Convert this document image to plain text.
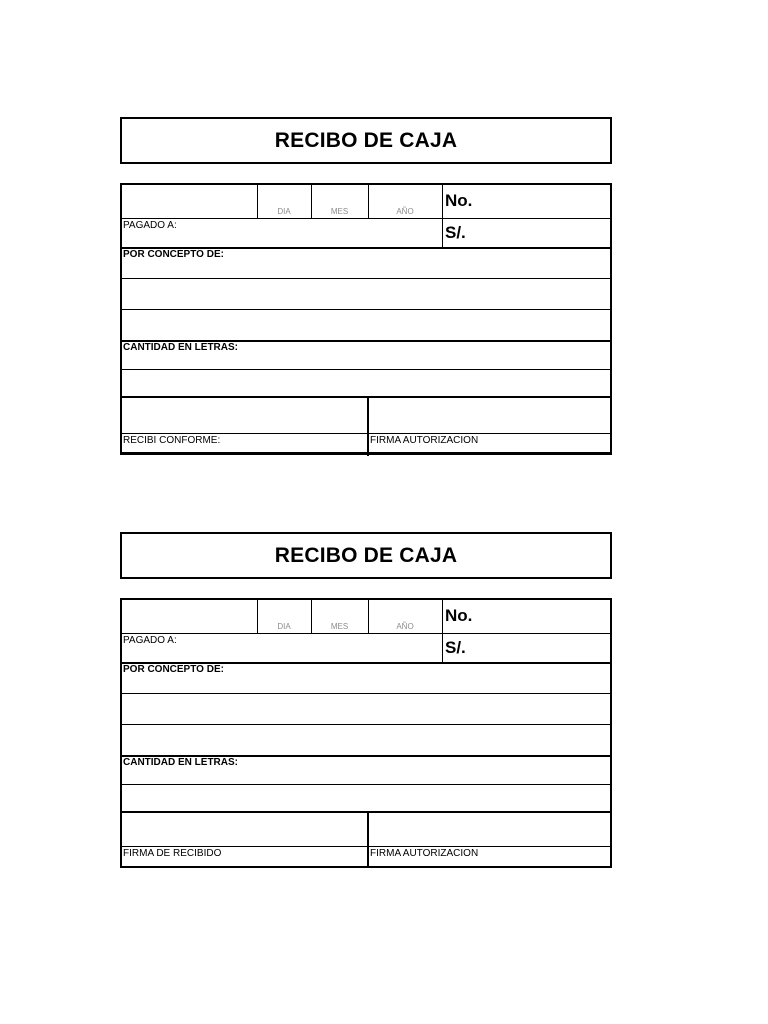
RECIBO DE CAJA
DIA	MES	AÑO
No.
S/.
PAGADO A:
POR CONCEPTO DE:
CANTIDAD EN LETRAS:
RECIBI CONFORME:	FIRMA AUTORIZACION
RECIBO DE CAJA
DIA	MES	AÑO
No.
S/.
PAGADO A:
POR CONCEPTO DE:
CANTIDAD EN LETRAS:
FIRMA DE RECIBIDO	FIRMA AUTORIZACION
